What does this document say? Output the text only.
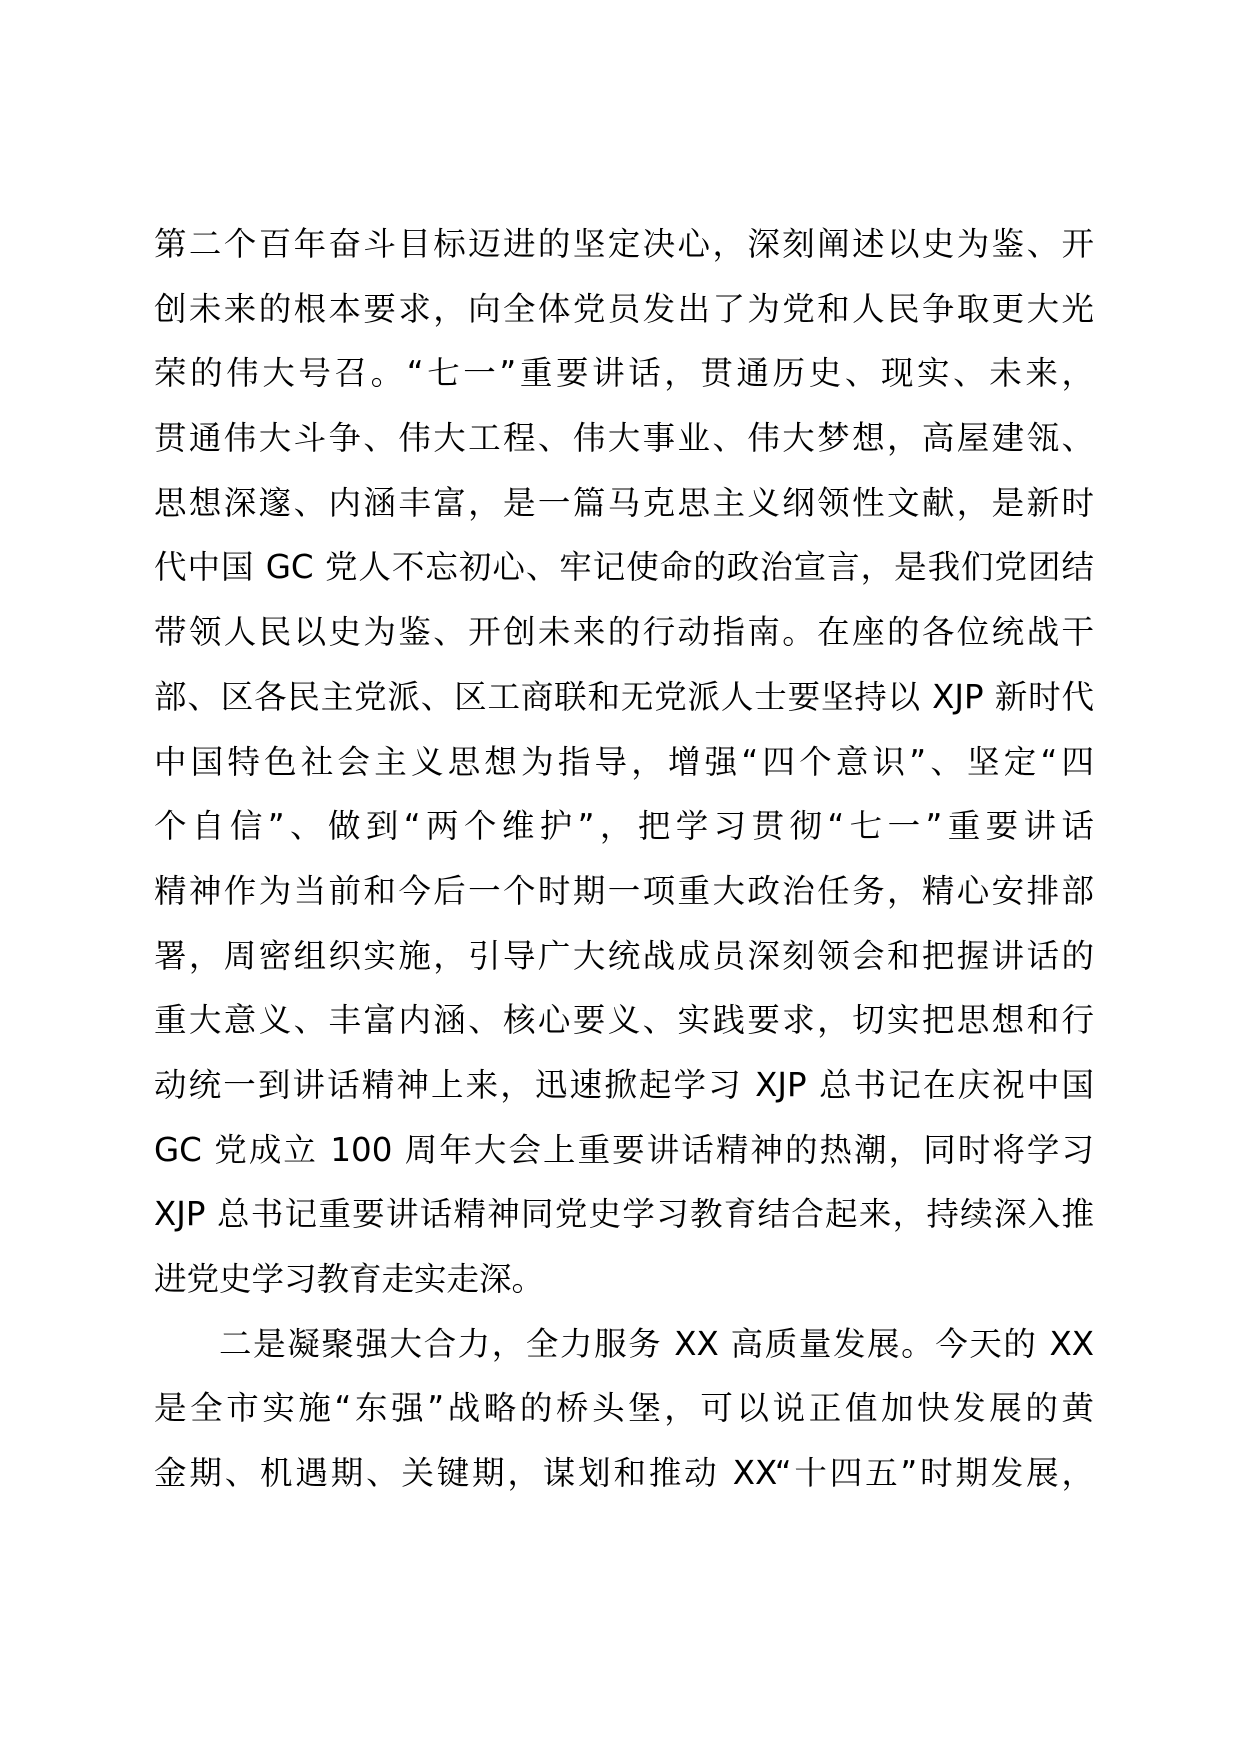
第二个百年奋斗目标迈进的坚定决心，深刻阐述以史为鉴、开
创未来的根本要求，向全体党员发出了为党和人民争取更大光
荣的伟大号召。“七一”重要讲话，贯通历史、现实、未来，
贯通伟大斗争、伟大工程、伟大事业、伟大梦想，高屋建瓴、
思想深邃、内涵丰富，是一篇马克思主义纲领性文献，是新时
代中国 GC 党人不忘初心、牢记使命的政治宣言，是我们党团结
带领人民以史为鉴、开创未来的行动指南。在座的各位统战干
部、区各民主党派、区工商联和无党派人士要坚持以 XJP 新时代
中国特色社会主义思想为指导，增强“四个意识”、坚定“四
个自信”、做到“两个维护”，把学习贯彻“七一”重要讲话
精神作为当前和今后一个时期一项重大政治任务，精心安排部
署，周密组织实施，引导广大统战成员深刻领会和把握讲话的
重大意义、丰富内涵、核心要义、实践要求，切实把思想和行
动统一到讲话精神上来，迅速掀起学习 XJP 总书记在庆祝中国
GC 党成立 100 周年大会上重要讲话精神的热潮，同时将学习
XJP 总书记重要讲话精神同党史学习教育结合起来，持续深入推
进党史学习教育走实走深。
二是凝聚强大合力，全力服务 XX 高质量发展。今天的 XX
是全市实施“东强”战略的桥头堡，可以说正值加快发展的黄
金期、机遇期、关键期，谋划和推动 XX“十四五”时期发展，
